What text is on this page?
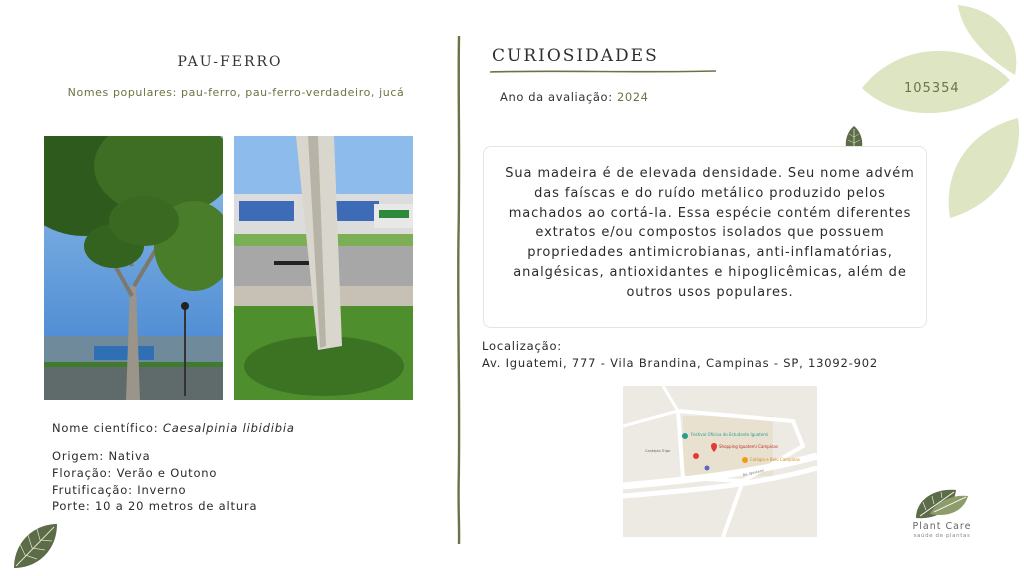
PAU-FERRO
Nomes populares: pau-ferro, pau-ferro-verdadeiro, jucá
Nome científico: Caesalpinia libidibia
Origem: Nativa
Floração: Verão e Outono
Frutificação: Inverno
Porte: 10 a 20 metros de altura
CURIOSIDADES
Ano da avaliação: 2024
Sua madeira é de elevada densidade. Seu nome advém das faíscas e do ruído metálico produzido pelos machados ao cortá-la. Essa espécie contém diferentes extratos e/ou compostos isolados que possuem propriedades antimicrobianas, anti-inflamatórias, analgésicas, antioxidantes e hipoglicêmicas, além de outros usos populares.
Localização:
Av. Iguatemi, 777 - Vila Brandina, Campinas - SP, 13092-902
Festival Oficina do Estudante Iguatemi
Shopping Iguatemi Campinas
Colégio e Bolo Campinas
Cardápio Trigo
Av. Iguatemi
105354
Plant Care
saúde de plantas
